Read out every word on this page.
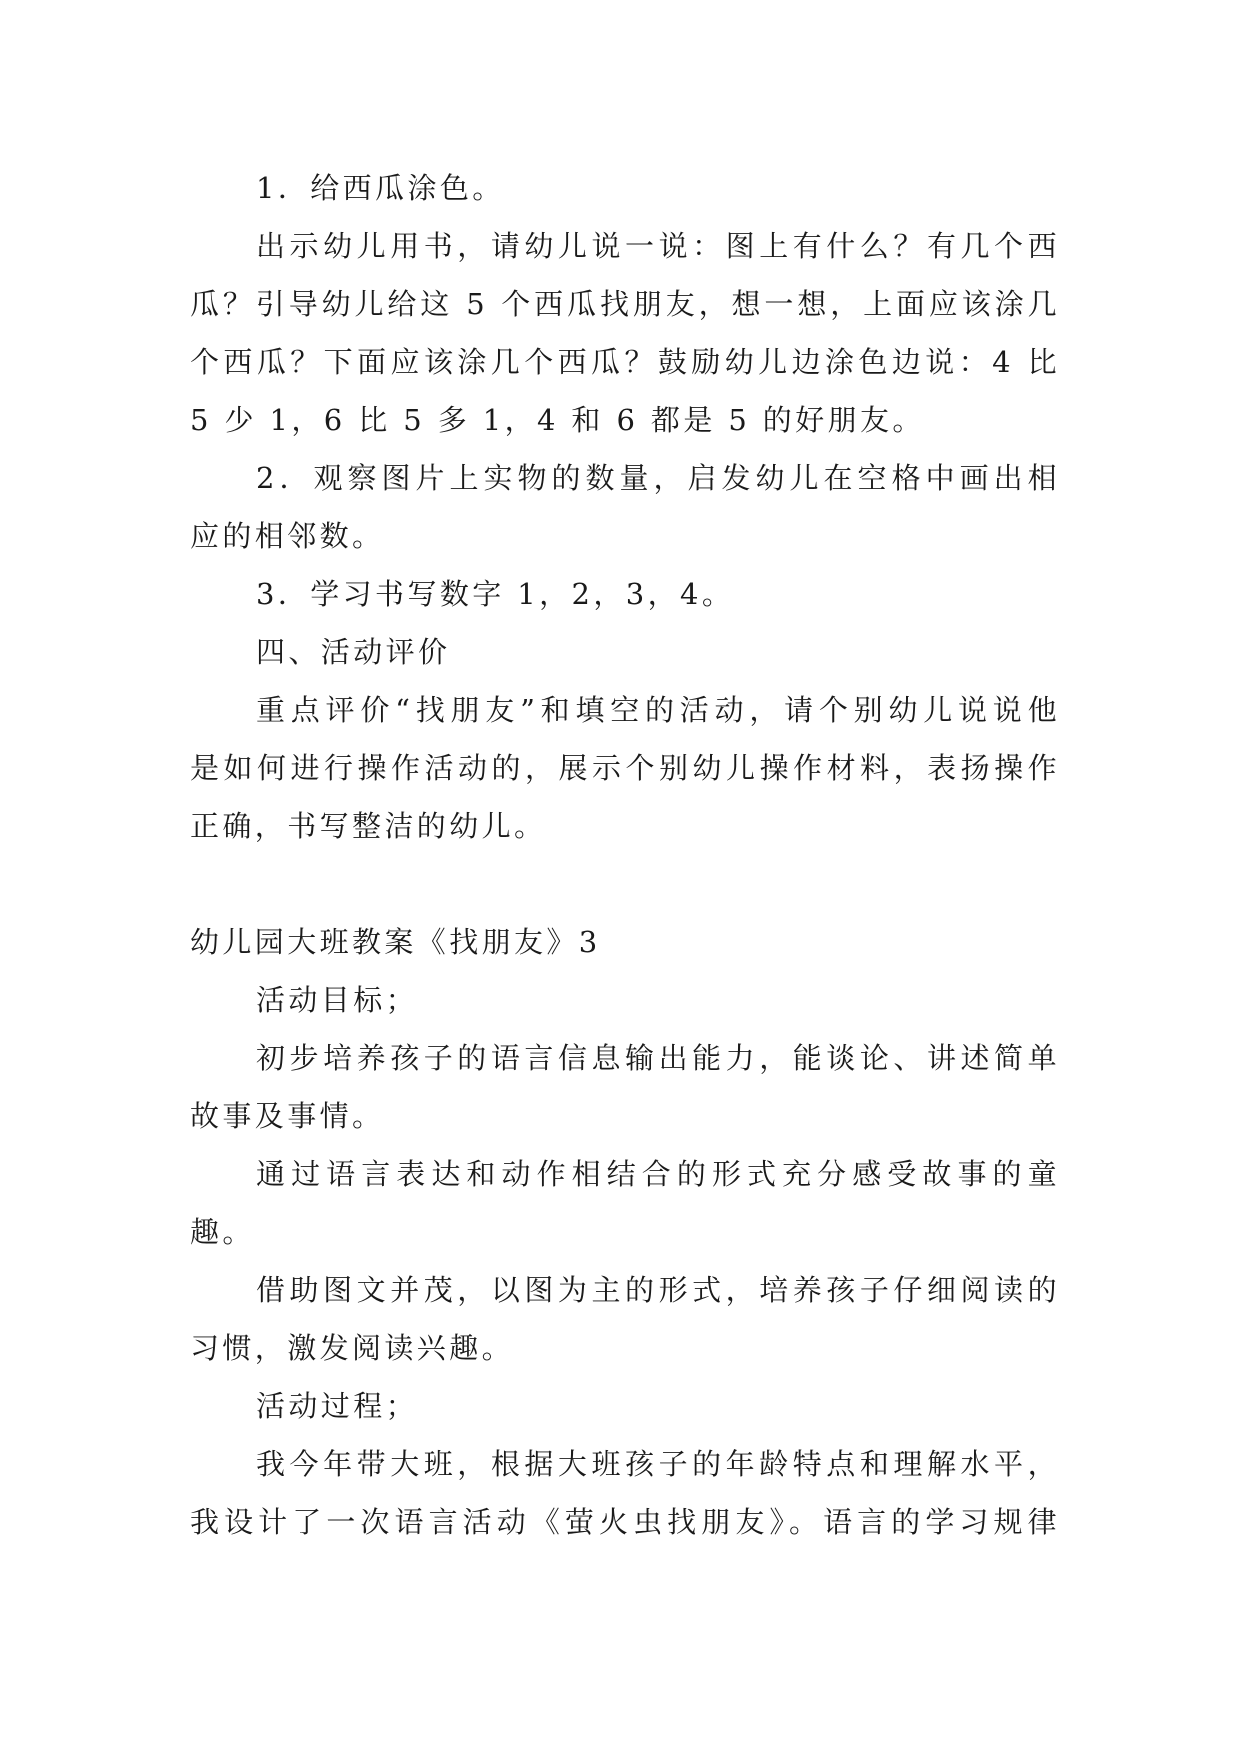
1．给西瓜涂色。
出示幼儿用书，请幼儿说一说：图上有什么？有几个西
瓜？引导幼儿给这 5 个西瓜找朋友，想一想，上面应该涂几
个西瓜？下面应该涂几个西瓜？鼓励幼儿边涂色边说：4 比
5 少 1，6 比 5 多 1，4 和 6 都是 5 的好朋友。
2．观察图片上实物的数量，启发幼儿在空格中画出相
应的相邻数。
3．学习书写数字 1，2，3，4。
四、活动评价
重点评价“找朋友”和填空的活动，请个别幼儿说说他
是如何进行操作活动的，展示个别幼儿操作材料，表扬操作
正确，书写整洁的幼儿。
幼儿园大班教案《找朋友》3
活动目标；
初步培养孩子的语言信息输出能力，能谈论、讲述简单
故事及事情。
通过语言表达和动作相结合的形式充分感受故事的童
趣。
借助图文并茂，以图为主的形式，培养孩子仔细阅读的
习惯，激发阅读兴趣。
活动过程；
我今年带大班，根据大班孩子的年龄特点和理解水平，
我设计了一次语言活动《萤火虫找朋友》。语言的学习规律
